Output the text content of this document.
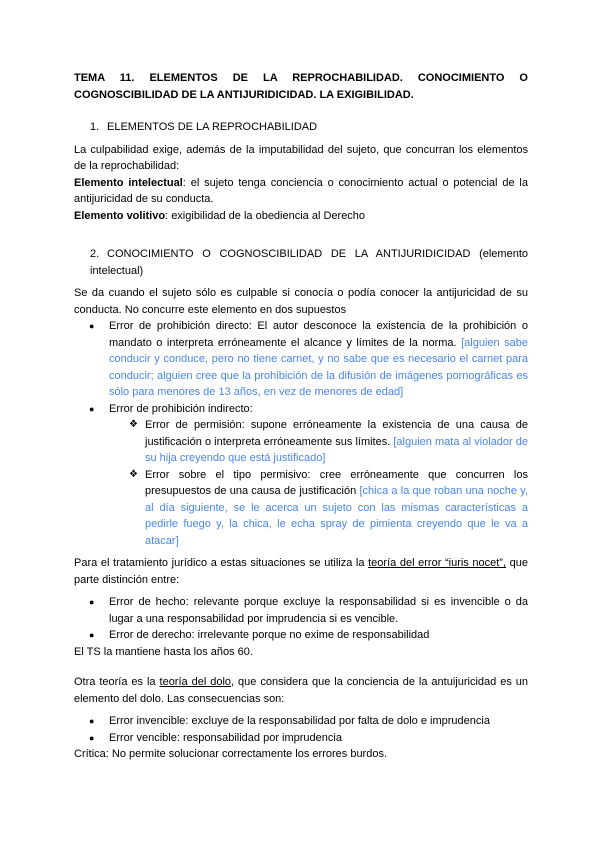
TEMA 11. ELEMENTOS DE LA REPROCHABILIDAD. CONOCIMIENTO O COGNOSCIBILIDAD DE LA ANTIJURIDICIDAD. LA EXIGIBILIDAD.
1. ELEMENTOS DE LA REPROCHABILIDAD

La culpabilidad exige, además de la imputabilidad del sujeto, que concurran los elementos de la reprochabilidad:

Elemento intelectual: el sujeto tenga conciencia o conocimiento actual o potencial de la antijuricidad de su conducta.

Elemento volitivo: exigibilidad de la obediencia al Derecho

2. CONOCIMIENTO O COGNOSCIBILIDAD DE LA ANTIJURIDICIDAD (elemento intelectual)

Se da cuando el sujeto sólo es culpable si conocía o podía conocer la antijuricidad de su conducta. No concurre este elemento en dos supuestos

● Error de prohibición directo: El autor desconoce la existencia de la prohibición o mandato o interpreta erróneamente el alcance y límites de la norma. [alguien sabe conducir y conduce, pero no tiene carnet, y no sabe que es necesario el carnet para conducir; alguien cree que la prohibición de la difusión de imágenes pornográficas es sólo para menores de 13 años, en vez de menores de edad]
● Error de prohibición indirecto:
❖ Error de permisión: supone erróneamente la existencia de una causa de justificación o interpreta erróneamente sus límites. [alguien mata al violador de su hija creyendo que está justificado]
❖ Error sobre el tipo permisivo: cree erróneamente que concurren los presupuestos de una causa de justificación [chica a la que roban una noche y, al día siguiente, se le acerca un sujeto con las mismas características a pedirle fuego y, la chica, le echa spray de pimienta creyendo que le va a atacar]

Para el tratamiento jurídico a estas situaciones se utiliza la teoría del error “iuris nocet”, que parte distinción entre:

● Error de hecho: relevante porque excluye la responsabilidad si es invencible o da lugar a una responsabilidad por imprudencia si es vencible.
● Error de derecho: irrelevante porque no exime de responsabilidad

El TS la mantiene hasta los años 60.

Otra teoría es la teoría del dolo, que considera que la conciencia de la antuijuricidad es un elemento del dolo. Las consecuencias son:

● Error invencible: excluye de la responsabilidad por falta de dolo e imprudencia
● Error vencible: responsabilidad por imprudencia

Crítica: No permite solucionar correctamente los errores burdos.
